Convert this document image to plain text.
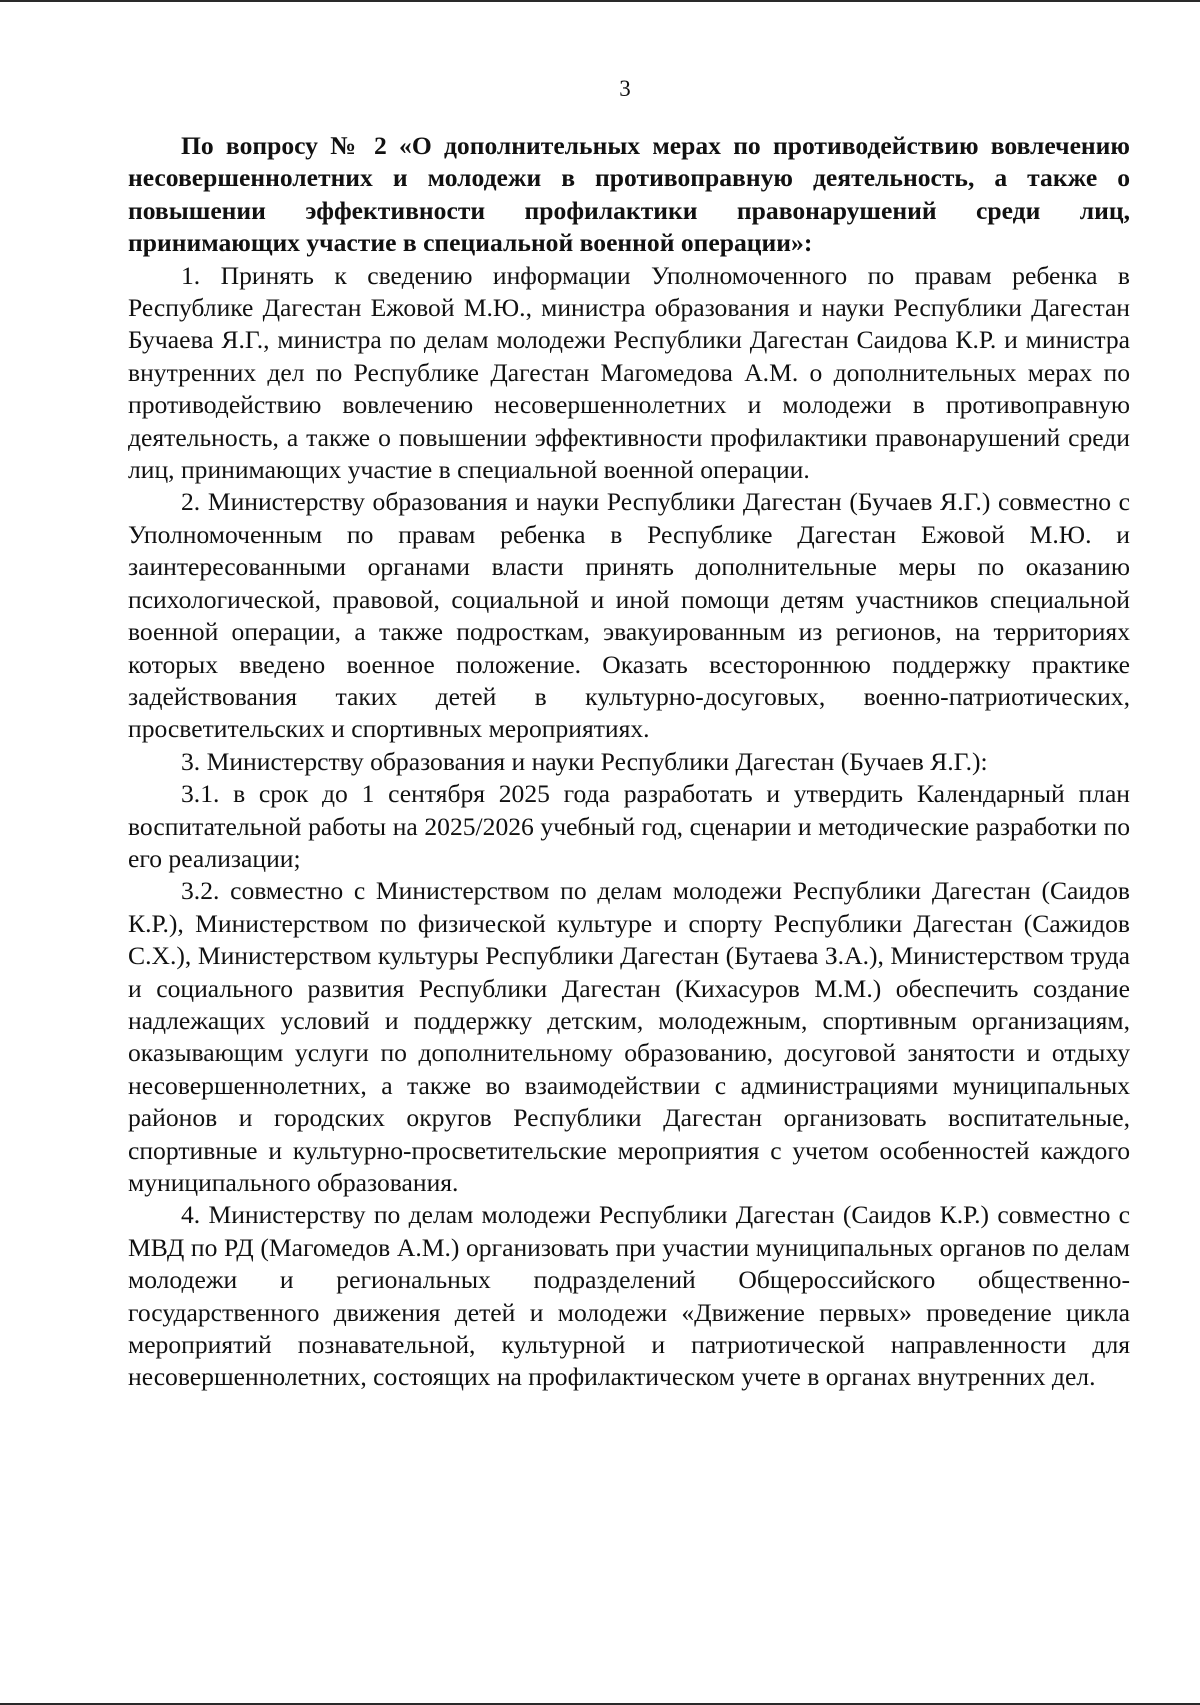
3

По вопросу № 2 «О дополнительных мерах по противодействию вовлечению несовершеннолетних и молодежи в противоправную деятельность, а также о повышении эффективности профилактики правонарушений среди лиц, принимающих участие в специальной военной операции»:

1. Принять к сведению информации Уполномоченного по правам ребенка в Республике Дагестан Ежовой М.Ю., министра образования и науки Республики Дагестан Бучаева Я.Г., министра по делам молодежи Республики Дагестан Саидова К.Р. и министра внутренних дел по Республике Дагестан Магомедова А.М. о дополнительных мерах по противодействию вовлечению несовершеннолетних и молодежи в противоправную деятельность, а также о повышении эффективности профилактики правонарушений среди лиц, принимающих участие в специальной военной операции.

2. Министерству образования и науки Республики Дагестан (Бучаев Я.Г.) совместно с Уполномоченным по правам ребенка в Республике Дагестан Ежовой М.Ю. и заинтересованными органами власти принять дополнительные меры по оказанию психологической, правовой, социальной и иной помощи детям участников специальной военной операции, а также подросткам, эвакуированным из регионов, на территориях которых введено военное положение. Оказать всестороннюю поддержку практике задействования таких детей в культурно-досуговых, военно-патриотических, просветительских и спортивных мероприятиях.

3. Министерству образования и науки Республики Дагестан (Бучаев Я.Г.):

3.1. в срок до 1 сентября 2025 года разработать и утвердить Календарный план воспитательной работы на 2025/2026 учебный год, сценарии и методические разработки по его реализации;

3.2. совместно с Министерством по делам молодежи Республики Дагестан (Саидов К.Р.), Министерством по физической культуре и спорту Республики Дагестан (Сажидов С.Х.), Министерством культуры Республики Дагестан (Бутаева З.А.), Министерством труда и социального развития Республики Дагестан (Кихасуров М.М.) обеспечить создание надлежащих условий и поддержку детским, молодежным, спортивным организациям, оказывающим услуги по дополнительному образованию, досуговой занятости и отдыху несовершеннолетних, а также во взаимодействии с администрациями муниципальных районов и городских округов Республики Дагестан организовать воспитательные, спортивные и культурно-просветительские мероприятия с учетом особенностей каждого муниципального образования.

4. Министерству по делам молодежи Республики Дагестан (Саидов К.Р.) совместно с МВД по РД (Магомедов А.М.) организовать при участии муниципальных органов по делам молодежи и региональных подразделений Общероссийского общественно-государственного движения детей и молодежи «Движение первых» проведение цикла мероприятий познавательной, культурной и патриотической направленности для несовершеннолетних, состоящих на профилактическом учете в органах внутренних дел.
